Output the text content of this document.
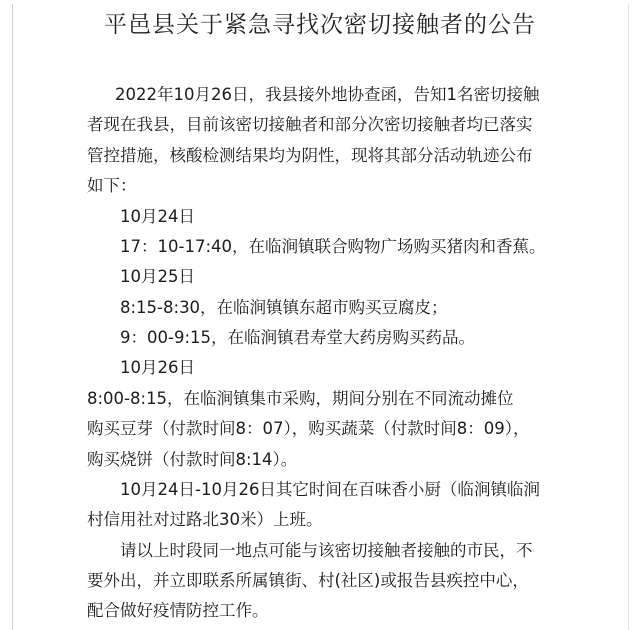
平邑县关于紧急寻找次密切接触者的公告
2022年10月26日，我县接外地协查函，告知1名密切接触
者现在我县，目前该密切接触者和部分次密切接触者均已落实
管控措施，核酸检测结果均为阴性，现将其部分活动轨迹公布
如下：
10月24日
17：10-17:40，在临涧镇联合购物广场购买猪肉和香蕉。
10月25日
8:15-8:30，在临涧镇镇东超市购买豆腐皮；
9：00-9:15，在临涧镇君寿堂大药房购买药品。
10月26日
8:00-8:15，在临涧镇集市采购，期间分别在不同流动摊位
购买豆芽（付款时间8：07），购买蔬菜（付款时间8：09），
购买烧饼（付款时间8:14）。
10月24日-10月26日其它时间在百味香小厨（临涧镇临涧
村信用社对过路北30米）上班。
请以上时段同一地点可能与该密切接触者接触的市民，不
要外出，并立即联系所属镇街、村(社区)或报告县疾控中心，
配合做好疫情防控工作。
